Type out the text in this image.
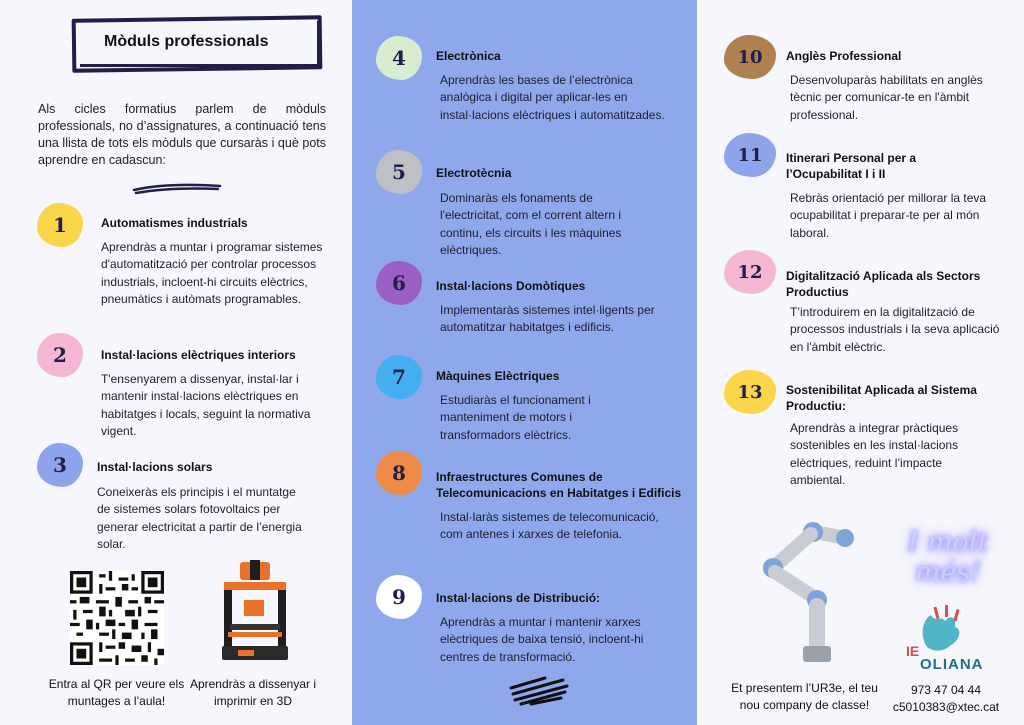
Mòduls professionals
Als cicles formatius parlem de mòduls professionals, no d’assignatures, a continuació tens una llista de tots els mòduls que cursaràs i què pots aprendre en cadascun:
1	Automatismes industrials
Aprendràs a muntar i programar sistemes d'automatització per controlar processos industrials, incloent-hi circuits elèctrics, pneumàtics i autòmats programables.
2	Instal·lacions elèctriques interiors
T'ensenyarem a dissenyar, instal·lar i mantenir instal·lacions elèctriques en habitatges i locals, seguint la normativa vigent.
3	Instal·lacions solars
Coneixeràs els principis i el muntatge de sistemes solars fotovoltaics per generar electricitat a partir de l’energia solar.
4	Electrònica
Aprendràs les bases de l’electrònica analògica i digital per aplicar-les en instal·lacions elèctriques i automatitzades.
5	Electrotècnia
Dominaràs els fonaments de l'electricitat, com el corrent altern i continu, els circuits i les màquines elèctriques.
6	Instal·lacions Domòtiques
Implementaràs sistemes intel·ligents per automatitzar habitatges i edificis.
7	Màquines Elèctriques
Estudiaràs el funcionament i manteniment de motors i transformadors elèctrics.
8	Infraestructures Comunes de Telecomunicacions en Habitatges i Edificis
Instal·laràs sistemes de telecomunicació, com antenes i xarxes de telefonia.
9	Instal·lacions de Distribució:
Aprendràs a muntar i mantenir xarxes elèctriques de baixa tensió, incloent-hi centres de transformació.
10	Anglès Professional
Desenvoluparàs habilitats en anglès tècnic per comunicar-te en l'àmbit professional.
11	Itinerari Personal per a l’Ocupabilitat I i II
Rebràs orientació per millorar la teva ocupabilitat i preparar-te per al món laboral.
12	Digitalització Aplicada als Sectors Productius
T’introduirem en la digitalització de processos industrials i la seva aplicació en l'àmbit elèctric.
13	Sostenibilitat Aplicada al Sistema Productiu:
Aprendràs a integrar pràctiques sostenibles en les instal·lacions elèctriques, reduint l’impacte ambiental.
Entra al QR per veure els muntages a l’aula!
Aprendràs a dissenyar i imprimir en 3D
I molt més!
IE
OLIANA
Et presentem l’UR3e, el teu nou company de classe!
973 47 04 44
c5010383@xtec.cat
